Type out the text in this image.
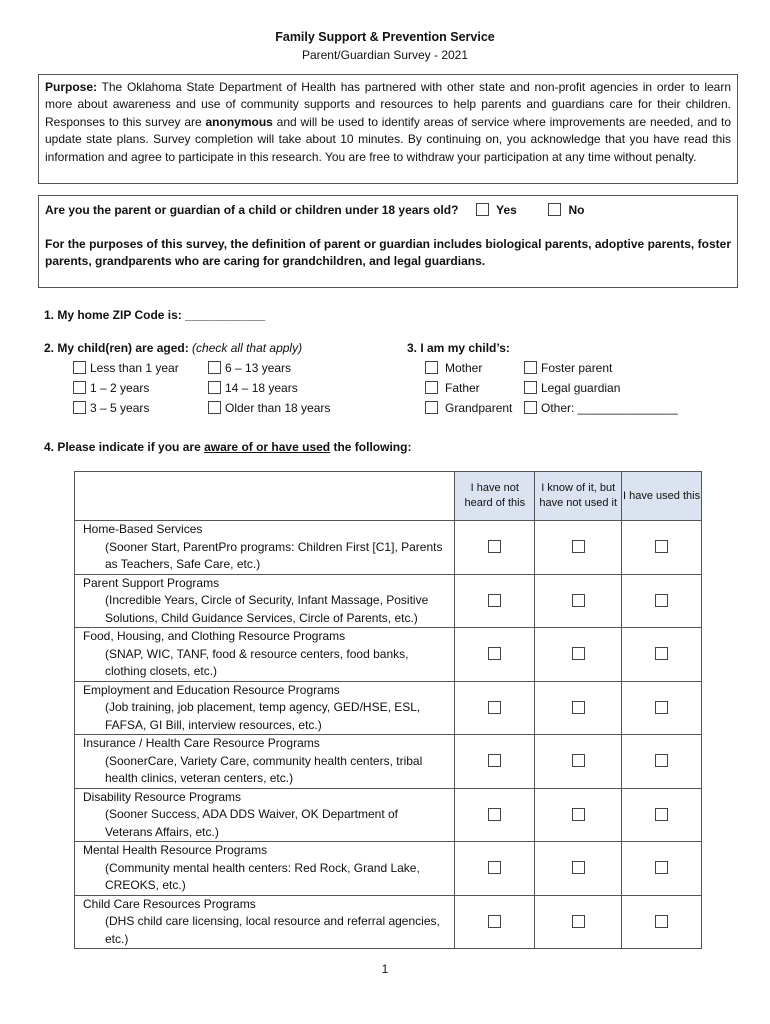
Family Support & Prevention Service
Parent/Guardian Survey - 2021
Purpose: The Oklahoma State Department of Health has partnered with other state and non-profit agencies in order to learn more about awareness and use of community supports and resources to help parents and guardians care for their children. Responses to this survey are anonymous and will be used to identify areas of service where improvements are needed, and to update state plans. Survey completion will take about 10 minutes. By continuing on, you acknowledge that you have read this information and agree to participate in this research. You are free to withdraw your participation at any time without penalty.
Are you the parent or guardian of a child or children under 18 years old?	Yes	No
For the purposes of this survey, the definition of parent or guardian includes biological parents, adoptive parents, foster parents, grandparents who are caring for grandchildren, and legal guardians.
1. My home ZIP Code is: ____________
2. My child(ren) are aged: (check all that apply)
Less than 1 year
1 – 2 years
3 – 5 years
6 – 13 years
14 – 18 years
Older than 18 years
3. I am my child’s:
Mother
Father
Grandparent
Foster parent
Legal guardian
Other: _______________
4. Please indicate if you are aware of or have used the following:
	I have not heard of this	I know of it, but have not used it	I have used this

Home-Based Services
(Sooner Start, ParentPro programs: Children First [C1], Parents as Teachers, Safe Care, etc.)			

Parent Support Programs
(Incredible Years, Circle of Security, Infant Massage, Positive Solutions, Child Guidance Services, Circle of Parents, etc.)			

Food, Housing, and Clothing Resource Programs
(SNAP, WIC, TANF, food & resource centers, food banks, clothing closets, etc.)			

Employment and Education Resource Programs
(Job training, job placement, temp agency, GED/HSE, ESL, FAFSA, GI Bill, interview resources, etc.)			

Insurance / Health Care Resource Programs
(SoonerCare, Variety Care, community health centers, tribal health clinics, veteran centers, etc.)			

Disability Resource Programs
(Sooner Success, ADA DDS Waiver, OK Department of Veterans Affairs, etc.)			

Mental Health Resource Programs
(Community mental health centers: Red Rock, Grand Lake, CREOKS, etc.)			

Child Care Resources Programs
(DHS child care licensing, local resource and referral agencies, etc.)			

1
